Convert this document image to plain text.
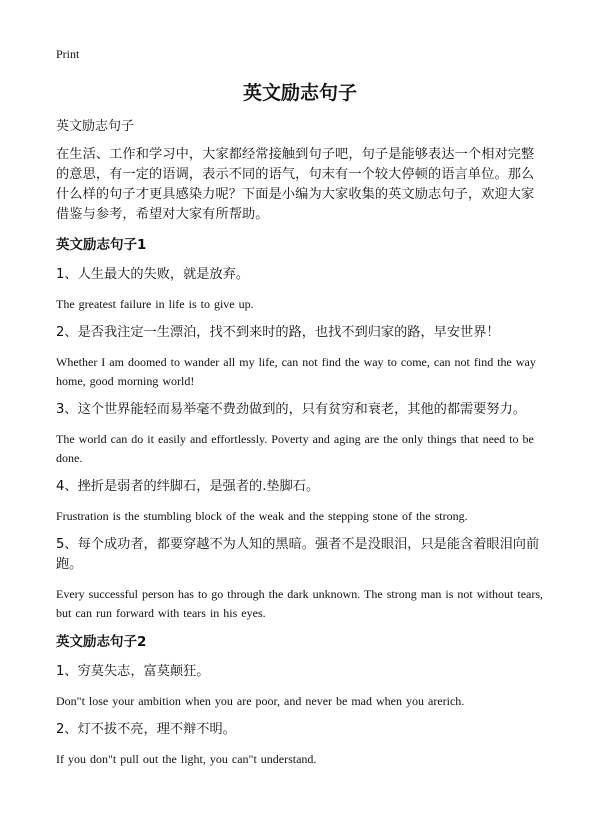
Print
英文励志句子
英文励志句子
在生活、工作和学习中，大家都经常接触到句子吧，句子是能够表达一个相对完整的意思，有一定的语调，表示不同的语气，句末有一个较大停顿的语言单位。那么什么样的句子才更具感染力呢？下面是小编为大家收集的英文励志句子，欢迎大家借鉴与参考，希望对大家有所帮助。
英文励志句子1
1、人生最大的失败，就是放弃。
The greatest failure in life is to give up.
2、是否我注定一生漂泊，找不到来时的路，也找不到归家的路，早安世界！
Whether I am doomed to wander all my life, can not find the way to come, can not find the way home, good morning world!
3、这个世界能轻而易举毫不费劲做到的，只有贫穷和衰老，其他的都需要努力。
The world can do it easily and effortlessly. Poverty and aging are the only things that need to be done.
4、挫折是弱者的绊脚石，是强者的.垫脚石。
Frustration is the stumbling block of the weak and the stepping stone of the strong.
5、每个成功者，都要穿越不为人知的黑暗。强者不是没眼泪，只是能含着眼泪向前跑。
Every successful person has to go through the dark unknown. The strong man is not without tears, but can run forward with tears in his eyes.
英文励志句子2
1、穷莫失志，富莫颠狂。
Don"t lose your ambition when you are poor, and never be mad when you arerich.
2、灯不拔不亮，理不辩不明。
If you don"t pull out the light, you can"t understand.
